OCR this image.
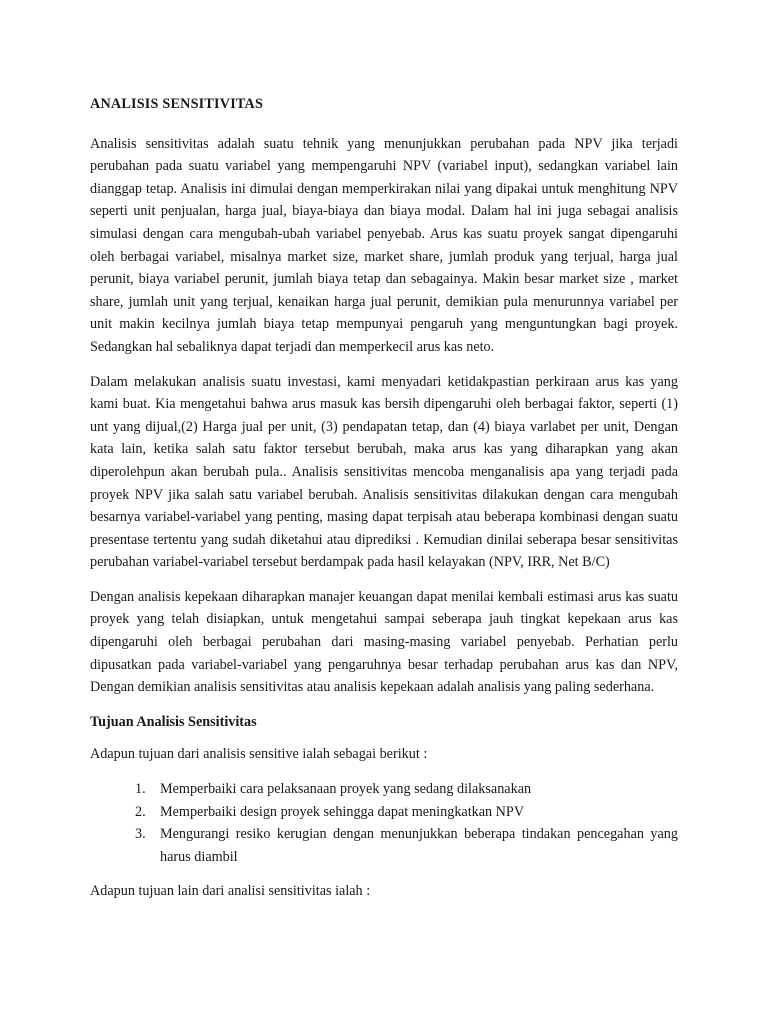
ANALISIS SENSITIVITAS

Analisis sensitivitas adalah suatu tehnik yang menunjukkan perubahan pada NPV jika terjadi perubahan pada suatu variabel yang mempengaruhi NPV (variabel input), sedangkan variabel lain dianggap tetap. Analisis ini dimulai dengan memperkirakan nilai yang dipakai untuk menghitung NPV seperti unit penjualan, harga jual, biaya-biaya dan biaya modal. Dalam hal ini juga sebagai analisis simulasi dengan cara mengubah-ubah variabel penyebab. Arus kas suatu proyek sangat dipengaruhi oleh berbagai variabel, misalnya market size, market share, jumlah produk yang terjual, harga jual perunit, biaya variabel perunit, jumlah biaya tetap dan sebagainya. Makin besar market size , market share, jumlah unit yang terjual, kenaikan harga jual perunit, demikian pula menurunnya variabel per unit makin kecilnya jumlah biaya tetap mempunyai pengaruh yang menguntungkan bagi proyek. Sedangkan hal sebaliknya dapat terjadi dan memperkecil arus kas neto.

Dalam melakukan analisis suatu investasi, kami menyadari ketidakpastian perkiraan arus kas yang kami buat. Kia mengetahui bahwa arus masuk kas bersih dipengaruhi oleh berbagai faktor, seperti (1) unt yang dijual,(2) Harga jual per unit, (3) pendapatan tetap, dan (4) biaya varlabet per unit, Dengan kata lain, ketika salah satu faktor tersebut berubah, maka arus kas yang diharapkan yang akan diperolehpun akan berubah pula.. Analisis sensitivitas mencoba menganalisis apa yang terjadi pada proyek NPV jika salah satu variabel berubah. Analisis sensitivitas dilakukan dengan cara mengubah besarnya variabel-variabel yang penting, masing dapat terpisah atau beberapa kombinasi dengan suatu presentase tertentu yang sudah diketahui atau diprediksi . Kemudian dinilai seberapa besar sensitivitas perubahan variabel-variabel tersebut berdampak pada hasil kelayakan (NPV, IRR, Net B/C)

Dengan analisis kepekaan diharapkan manajer keuangan dapat menilai kembali estimasi arus kas suatu proyek yang telah disiapkan, untuk mengetahui sampai seberapa jauh tingkat kepekaan arus kas dipengaruhi oleh berbagai perubahan dari masing-masing variabel penyebab. Perhatian perlu dipusatkan pada variabel-variabel yang pengaruhnya besar terhadap perubahan arus kas dan NPV, Dengan demikian analisis sensitivitas atau analisis kepekaan adalah analisis yang paling sederhana.

Tujuan Analisis Sensitivitas

Adapun tujuan dari analisis sensitive ialah sebagai berikut :

1. Memperbaiki cara pelaksanaan proyek yang sedang dilaksanakan
2. Memperbaiki design proyek sehingga dapat meningkatkan NPV
3. Mengurangi resiko kerugian dengan menunjukkan beberapa tindakan pencegahan yang harus diambil

Adapun tujuan lain dari analisi sensitivitas ialah :
